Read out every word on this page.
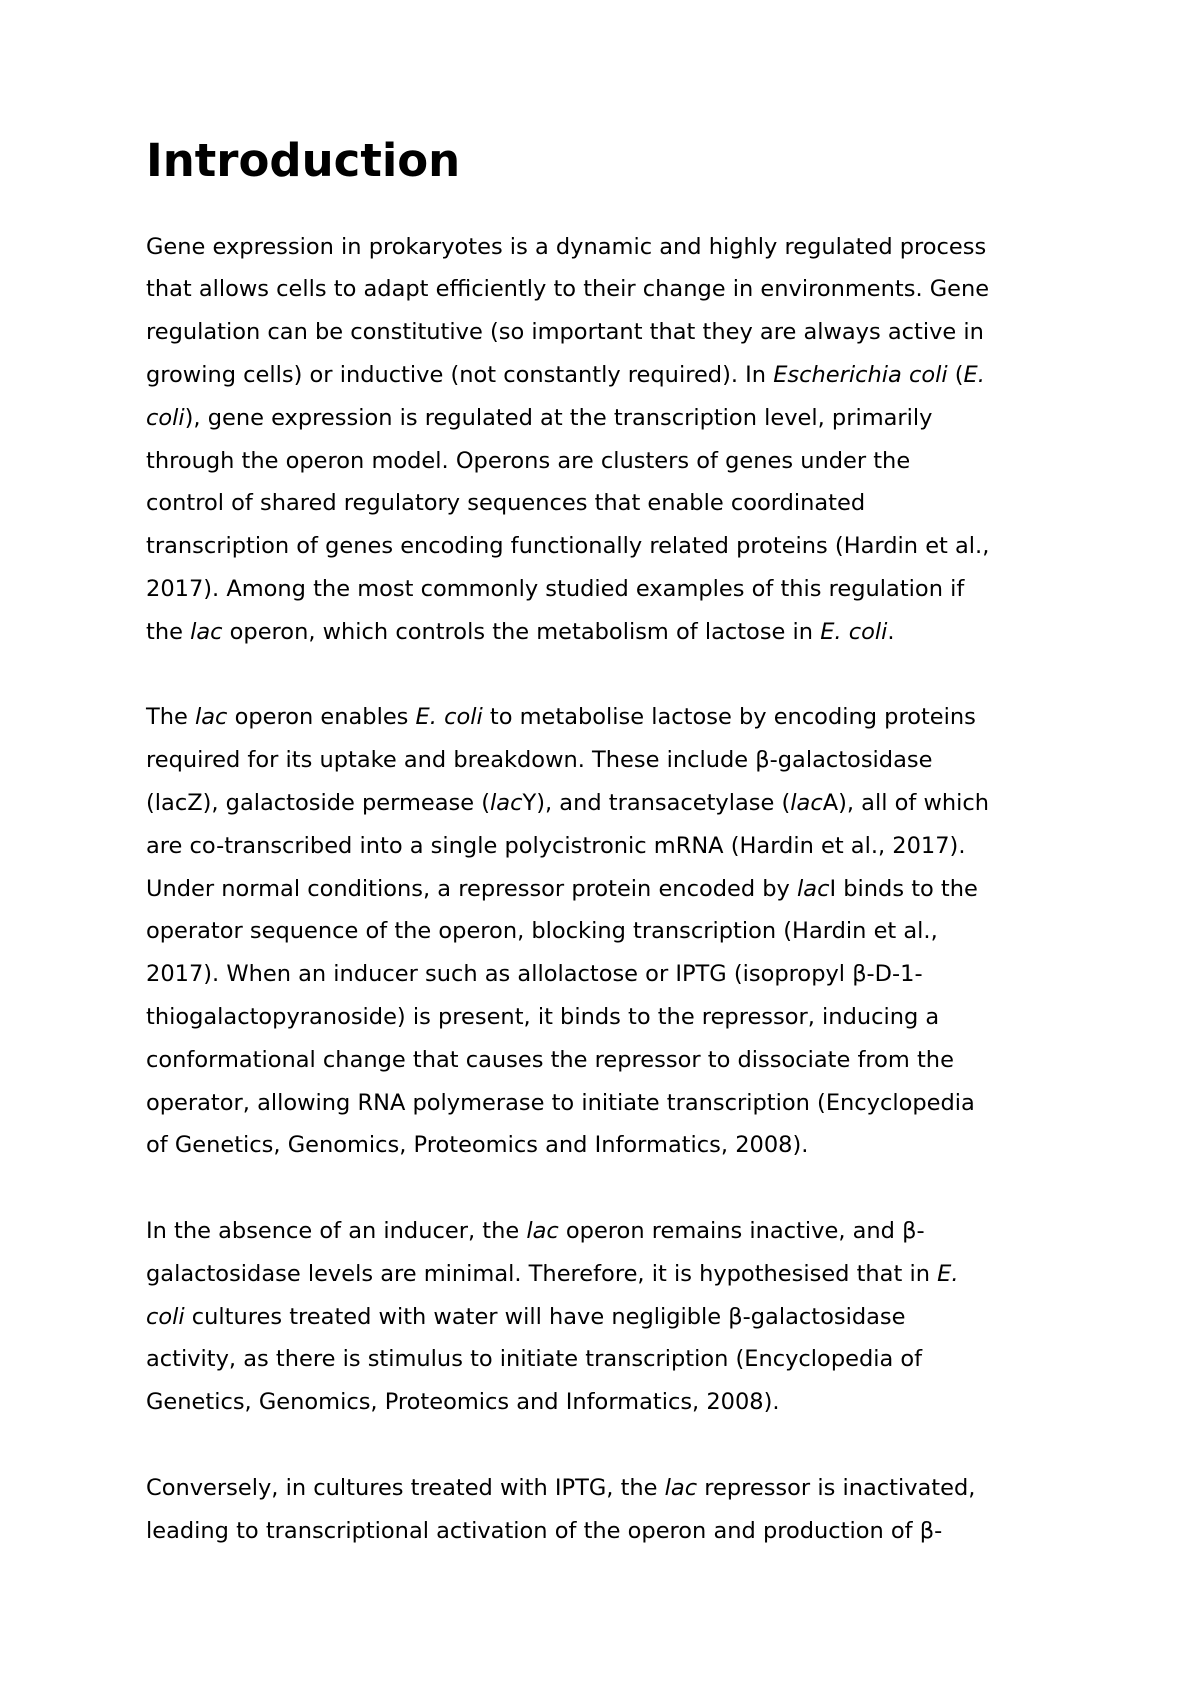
Introduction
Gene expression in prokaryotes is a dynamic and highly regulated process
that allows cells to adapt efficiently to their change in environments. Gene
regulation can be constitutive (so important that they are always active in
growing cells) or inductive (not constantly required). In Escherichia coli (E.
coli), gene expression is regulated at the transcription level, primarily
through the operon model. Operons are clusters of genes under the
control of shared regulatory sequences that enable coordinated
transcription of genes encoding functionally related proteins (Hardin et al.,
2017). Among the most commonly studied examples of this regulation if
the lac operon, which controls the metabolism of lactose in E. coli.
The lac operon enables E. coli to metabolise lactose by encoding proteins
required for its uptake and breakdown. These include β-galactosidase
(lacZ), galactoside permease (lacY), and transacetylase (lacA), all of which
are co-transcribed into a single polycistronic mRNA (Hardin et al., 2017).
Under normal conditions, a repressor protein encoded by lacI binds to the
operator sequence of the operon, blocking transcription (Hardin et al.,
2017). When an inducer such as allolactose or IPTG (isopropyl β-D-1-
thiogalactopyranoside) is present, it binds to the repressor, inducing a
conformational change that causes the repressor to dissociate from the
operator, allowing RNA polymerase to initiate transcription (Encyclopedia
of Genetics, Genomics, Proteomics and Informatics, 2008).
In the absence of an inducer, the lac operon remains inactive, and β-
galactosidase levels are minimal. Therefore, it is hypothesised that in E.
coli cultures treated with water will have negligible β-galactosidase
activity, as there is stimulus to initiate transcription (Encyclopedia of
Genetics, Genomics, Proteomics and Informatics, 2008).
Conversely, in cultures treated with IPTG, the lac repressor is inactivated,
leading to transcriptional activation of the operon and production of β-
